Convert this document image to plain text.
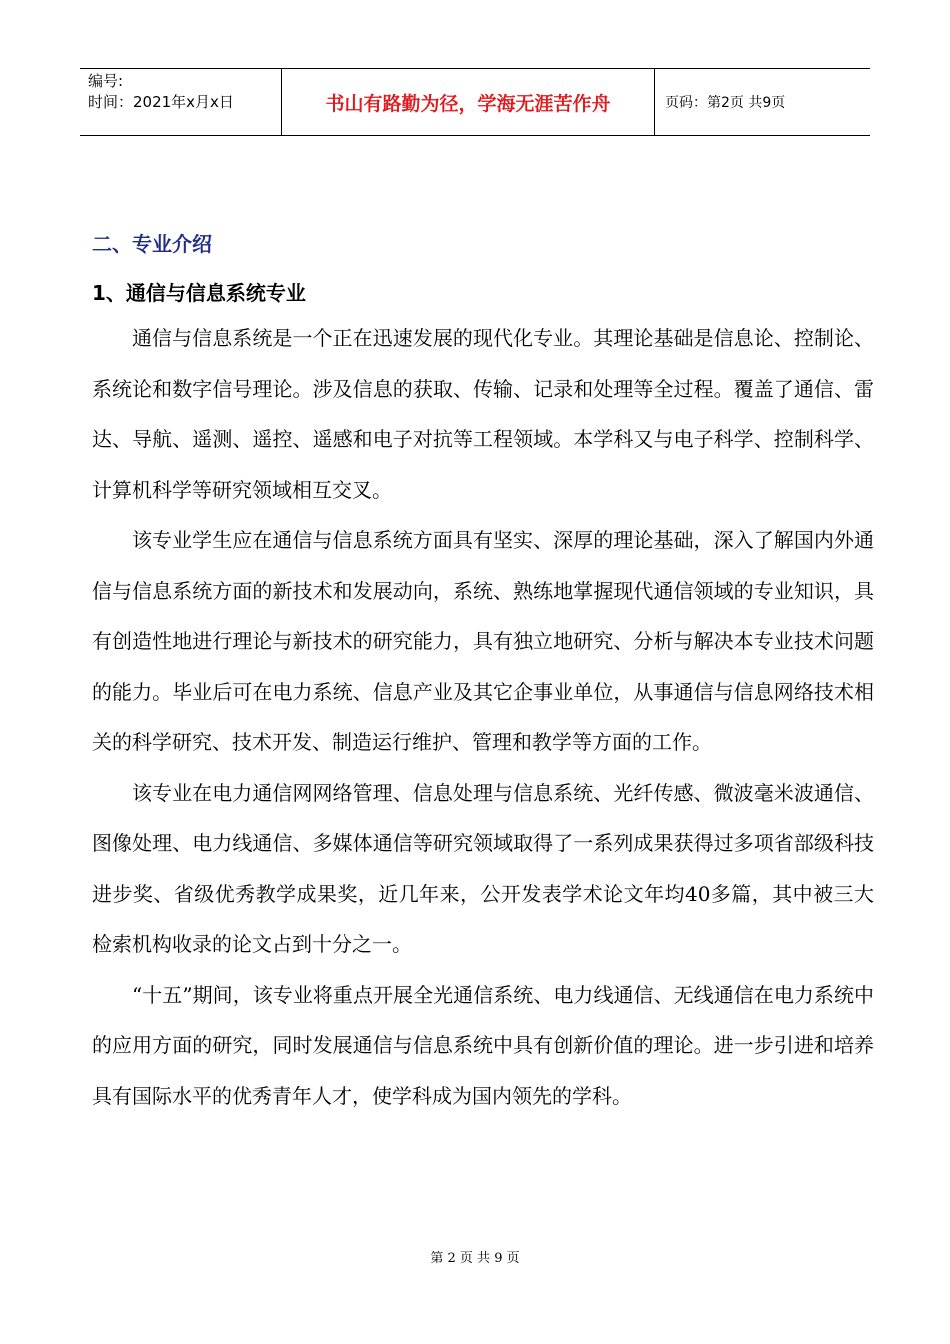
编号:
时间：2021年x月x日	书山有路勤为径，学海无涯苦作舟	页码：第2页 共9页
二、专业介绍
1、通信与信息系统专业

通信与信息系统是一个正在迅速发展的现代化专业。其理论基础是信息论、控制论、系统论和数字信号理论。涉及信息的获取、传输、记录和处理等全过程。覆盖了通信、雷达、导航、遥测、遥控、遥感和电子对抗等工程领域。本学科又与电子科学、控制科学、计算机科学等研究领域相互交叉。

该专业学生应在通信与信息系统方面具有坚实、深厚的理论基础，深入了解国内外通信与信息系统方面的新技术和发展动向，系统、熟练地掌握现代通信领域的专业知识，具有创造性地进行理论与新技术的研究能力，具有独立地研究、分析与解决本专业技术问题的能力。毕业后可在电力系统、信息产业及其它企事业单位，从事通信与信息网络技术相关的科学研究、技术开发、制造运行维护、管理和教学等方面的工作。

该专业在电力通信网网络管理、信息处理与信息系统、光纤传感、微波毫米波通信、图像处理、电力线通信、多媒体通信等研究领域取得了一系列成果获得过多项省部级科技进步奖、省级优秀教学成果奖，近几年来，公开发表学术论文年均40多篇，其中被三大检索机构收录的论文占到十分之一。

“十五”期间，该专业将重点开展全光通信系统、电力线通信、无线通信在电力系统中的应用方面的研究，同时发展通信与信息系统中具有创新价值的理论。进一步引进和培养具有国际水平的优秀青年人才，使学科成为国内领先的学科。

第 2 页 共 9 页
